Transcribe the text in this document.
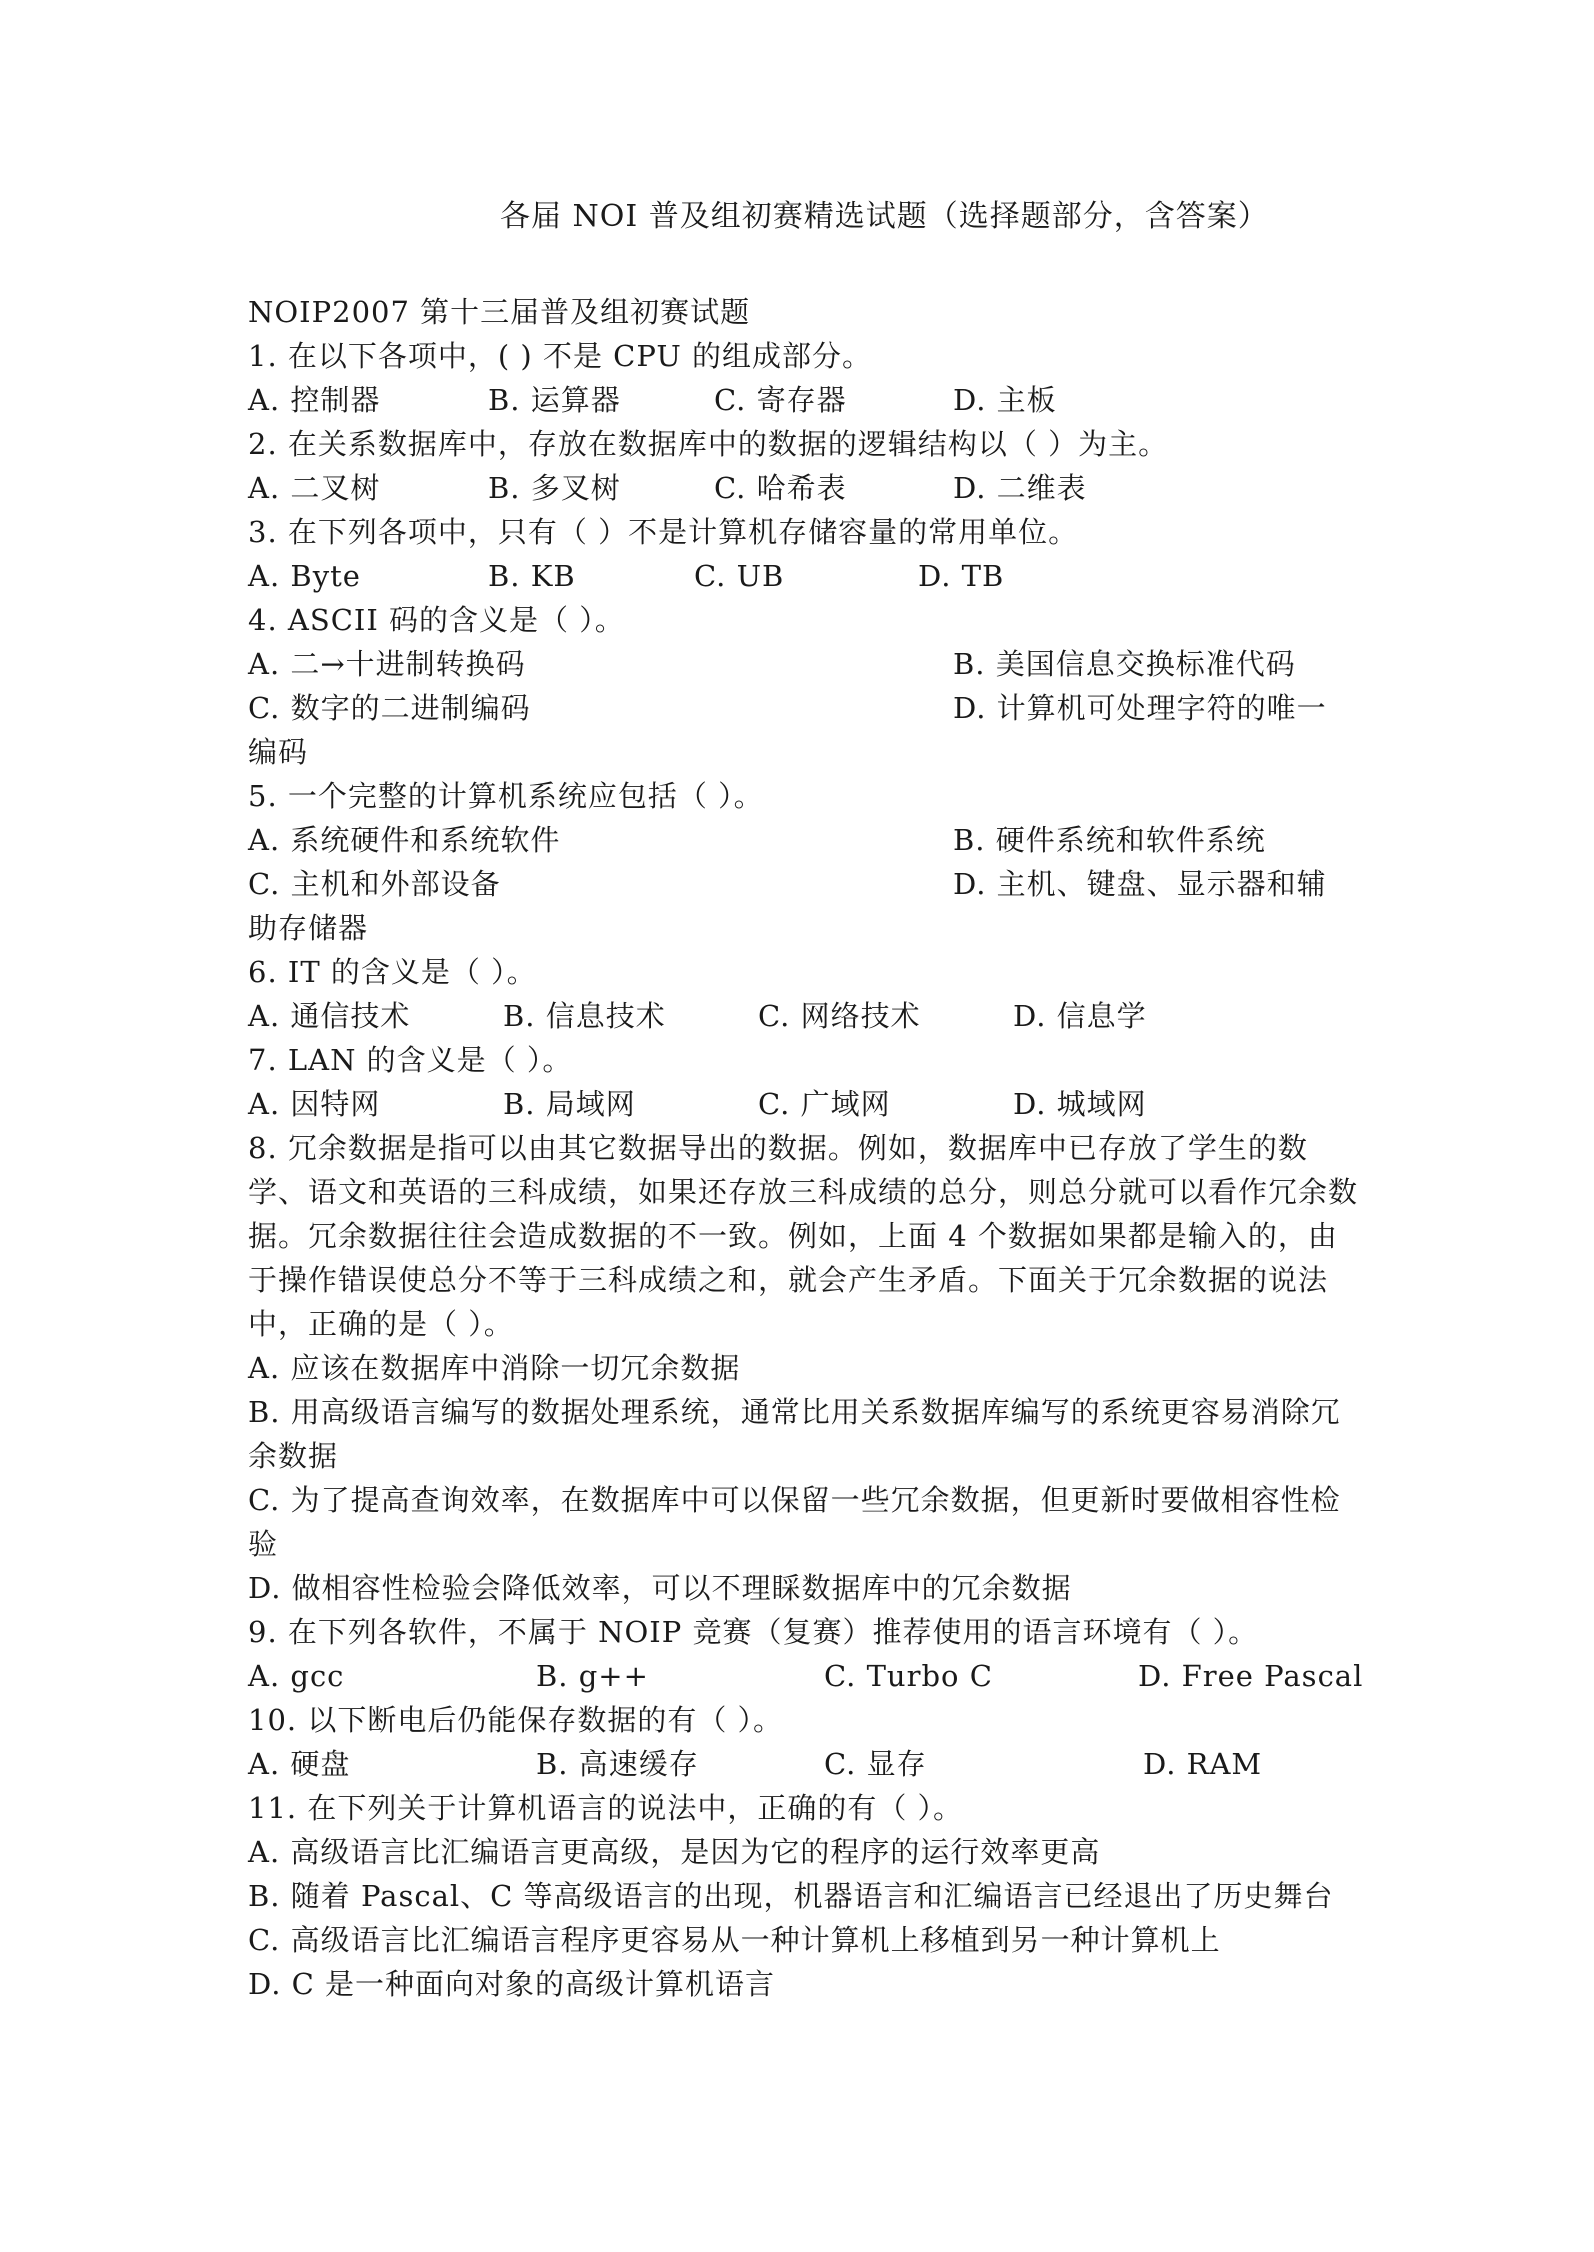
各届 NOI 普及组初赛精选试题（选择题部分，含答案）
NOIP2007 第十三届普及组初赛试题
1. 在以下各项中，( ) 不是 CPU 的组成部分。
A. 控制器	B. 运算器	C. 寄存器	D. 主板
2. 在关系数据库中，存放在数据库中的数据的逻辑结构以（ ）为主。
A. 二叉树	B. 多叉树	C. 哈希表	D. 二维表
3. 在下列各项中，只有（ ）不是计算机存储容量的常用单位。
A. Byte	B. KB	C. UB	D. TB
4. ASCII 码的含义是（ ）。
A. 二→十进制转换码	B. 美国信息交换标准代码
C. 数字的二进制编码	D. 计算机可处理字符的唯一
编码
5. 一个完整的计算机系统应包括（ ）。
A. 系统硬件和系统软件	B. 硬件系统和软件系统
C. 主机和外部设备	D. 主机、键盘、显示器和辅
助存储器
6. IT 的含义是（ ）。
A. 通信技术	B. 信息技术	C. 网络技术	D. 信息学
7. LAN 的含义是（ ）。
A. 因特网	B. 局域网	C. 广域网	D. 城域网
8. 冗余数据是指可以由其它数据导出的数据。例如，数据库中已存放了学生的数学、语文和英语的三科成绩，如果还存放三科成绩的总分，则总分就可以看作冗余数据。冗余数据往往会造成数据的不一致。例如，上面 4 个数据如果都是输入的，由于操作错误使总分不等于三科成绩之和，就会产生矛盾。下面关于冗余数据的说法中，正确的是（ ）。
A. 应该在数据库中消除一切冗余数据
B. 用高级语言编写的数据处理系统，通常比用关系数据库编写的系统更容易消除冗余数据
C. 为了提高查询效率，在数据库中可以保留一些冗余数据，但更新时要做相容性检验
D. 做相容性检验会降低效率，可以不理睬数据库中的冗余数据
9. 在下列各软件，不属于 NOIP 竞赛（复赛）推荐使用的语言环境有（ ）。
A. gcc	B. g++	C. Turbo C	D. Free Pascal
10. 以下断电后仍能保存数据的有（ ）。
A. 硬盘	B. 高速缓存	C. 显存	D. RAM
11. 在下列关于计算机语言的说法中，正确的有（ ）。
A. 高级语言比汇编语言更高级，是因为它的程序的运行效率更高
B. 随着 Pascal、C 等高级语言的出现，机器语言和汇编语言已经退出了历史舞台
C. 高级语言比汇编语言程序更容易从一种计算机上移植到另一种计算机上
D. C 是一种面向对象的高级计算机语言
